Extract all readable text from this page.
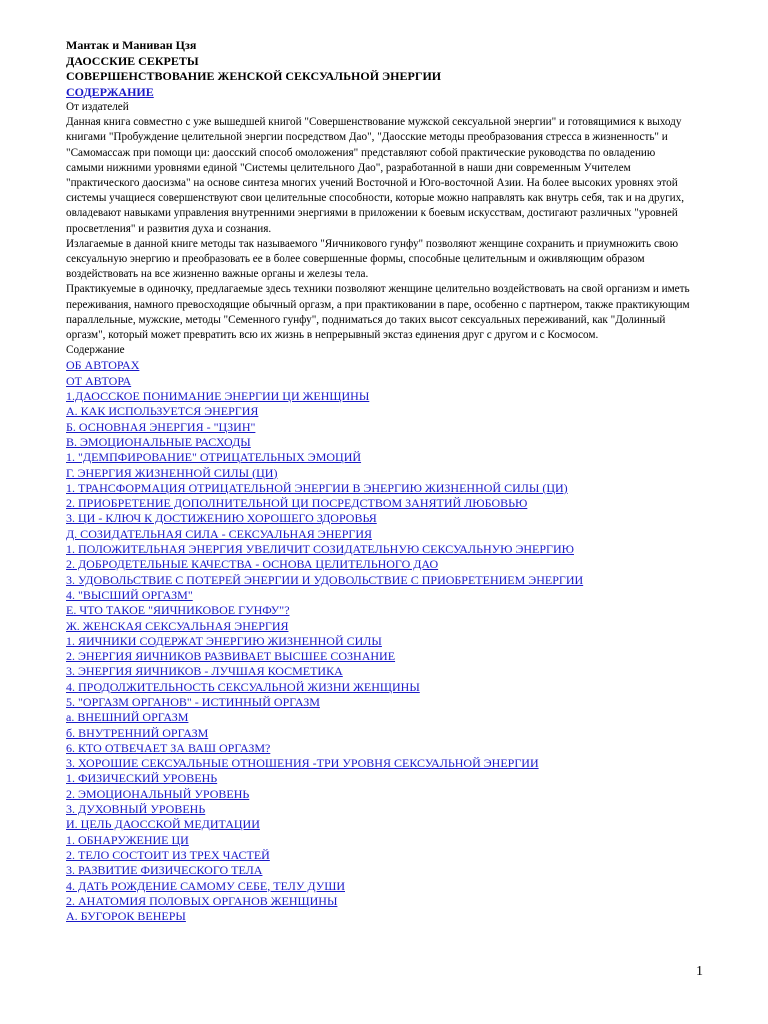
Мантак и Маниван Цзя

ДАОССКИЕ СЕКРЕТЫ

СОВЕРШЕНСТВОВАНИЕ ЖЕНСКОЙ СЕКСУАЛЬНОЙ ЭНЕРГИИ

СОДЕРЖАНИЕ

От издателей

Данная книга совместно с уже вышедшей книгой "Совершенствование мужской сексуальной энергии" и готовящимися к выходу книгами "Пробуждение целительной энергии посредством Дао", "Даосские методы преобразования стресса в жизненность" и "Самомассаж при помощи ци: даосский способ омоложения" представляют собой практические руководства по овладению самыми нижними уровнями единой "Системы целительного Дао", разработанной в наши дни современным Учителем "практического даосизма" на основе синтеза многих учений Восточной и Юго-восточной Азии. На более высоких уровнях этой системы учащиеся совершенствуют свои целительные способности, которые можно направлять как внутрь себя, так и на других, овладевают навыками управления внутренними энергиями в приложении к боевым искусствам, достигают различных "уровней просветления" и развития духа и сознания.

Излагаемые в данной книге методы так называемого "Яичникового гунфу" позволяют женщине сохранить и приумножить свою сексуальную энергию и преобразовать ее в более совершенные формы, способные целительным и оживляющим образом воздействовать на все жизненно важные органы и железы тела.

Практикуемые в одиночку, предлагаемые здесь техники позволяют женщине целительно воздействовать на свой организм и иметь переживания, намного превосходящие обычный оргазм, а при практиковании в паре, особенно с партнером, также практикующим параллельные, мужские, методы "Семенного гунфу", подниматься до таких высот сексуальных переживаний, как "Долинный оргазм", который может превратить всю их жизнь в непрерывный экстаз единения друг с другом и с Космосом.

Содержание

ОБ АВТОРАХ
ОТ АВТОРА
1.ДАОССКОЕ ПОНИМАНИЕ ЭНЕРГИИ ЦИ ЖЕНЩИНЫ
А. КАК ИСПОЛЬЗУЕТСЯ ЭНЕРГИЯ
Б. ОСНОВНАЯ ЭНЕРГИЯ - "ЦЗИН"
В. ЭМОЦИОНАЛЬНЫЕ РАСХОДЫ
1. "ДЕМПФИРОВАНИЕ" ОТРИЦАТЕЛЬНЫХ ЭМОЦИЙ
Г. ЭНЕРГИЯ ЖИЗНЕННОЙ СИЛЫ (ЦИ)
1. ТРАНСФОРМАЦИЯ ОТРИЦАТЕЛЬНОЙ ЭНЕРГИИ В ЭНЕРГИЮ ЖИЗНЕННОЙ СИЛЫ (ЦИ)
2. ПРИОБРЕТЕНИЕ ДОПОЛНИТЕЛЬНОЙ ЦИ ПОСРЕДСТВОМ ЗАНЯТИЙ ЛЮБОВЬЮ
3. ЦИ - КЛЮЧ К ДОСТИЖЕНИЮ ХОРОШЕГО ЗДОРОВЬЯ
Д. СОЗИДАТЕЛЬНАЯ СИЛА - СЕКСУАЛЬНАЯ ЭНЕРГИЯ
1. ПОЛОЖИТЕЛЬНАЯ ЭНЕРГИЯ УВЕЛИЧИТ СОЗИДАТЕЛЬНУЮ СЕКСУАЛЬНУЮ ЭНЕРГИЮ
2. ДОБРОДЕТЕЛЬНЫЕ КАЧЕСТВА - ОСНОВА ЦЕЛИТЕЛЬНОГО ДАО
3. УДОВОЛЬСТВИЕ С ПОТЕРЕЙ ЭНЕРГИИ И УДОВОЛЬСТВИЕ С ПРИОБРЕТЕНИЕМ ЭНЕРГИИ
4. "ВЫСШИЙ ОРГАЗМ"
Е. ЧТО ТАКОЕ "ЯИЧНИКОВОЕ ГУНФУ"?
Ж. ЖЕНСКАЯ СЕКСУАЛЬНАЯ ЭНЕРГИЯ
1. ЯИЧНИКИ СОДЕРЖАТ ЭНЕРГИЮ ЖИЗНЕННОЙ СИЛЫ
2. ЭНЕРГИЯ ЯИЧНИКОВ РАЗВИВАЕТ ВЫСШЕЕ СОЗНАНИЕ
3. ЭНЕРГИЯ ЯИЧНИКОВ - ЛУЧШАЯ КОСМЕТИКА
4. ПРОДОЛЖИТЕЛЬНОСТЬ СЕКСУАЛЬНОЙ ЖИЗНИ ЖЕНЩИНЫ
5. "ОРГАЗМ ОРГАНОВ" - ИСТИННЫЙ ОРГАЗМ
а. ВНЕШНИЙ ОРГАЗМ
б. ВНУТРЕННИЙ ОРГАЗМ
6. КТО ОТВЕЧАЕТ ЗА ВАШ ОРГАЗМ?
3. ХОРОШИЕ СЕКСУАЛЬНЫЕ ОТНОШЕНИЯ -ТРИ УРОВНЯ СЕКСУАЛЬНОЙ ЭНЕРГИИ
1. ФИЗИЧЕСКИЙ УРОВЕНЬ
2. ЭМОЦИОНАЛЬНЫЙ УРОВЕНЬ
3. ДУХОВНЫЙ УРОВЕНЬ
И. ЦЕЛЬ ДАОССКОЙ МЕДИТАЦИИ
1. ОБНАРУЖЕНИЕ ЦИ
2. ТЕЛО СОСТОИТ ИЗ ТРЕХ ЧАСТЕЙ
3. РАЗВИТИЕ ФИЗИЧЕСКОГО ТЕЛА
4. ДАТЬ РОЖДЕНИЕ САМОМУ СЕБЕ, ТЕЛУ ДУШИ
2. АНАТОМИЯ ПОЛОВЫХ ОРГАНОВ ЖЕНЩИНЫ
А. БУГОРОК ВЕНЕРЫ
1
